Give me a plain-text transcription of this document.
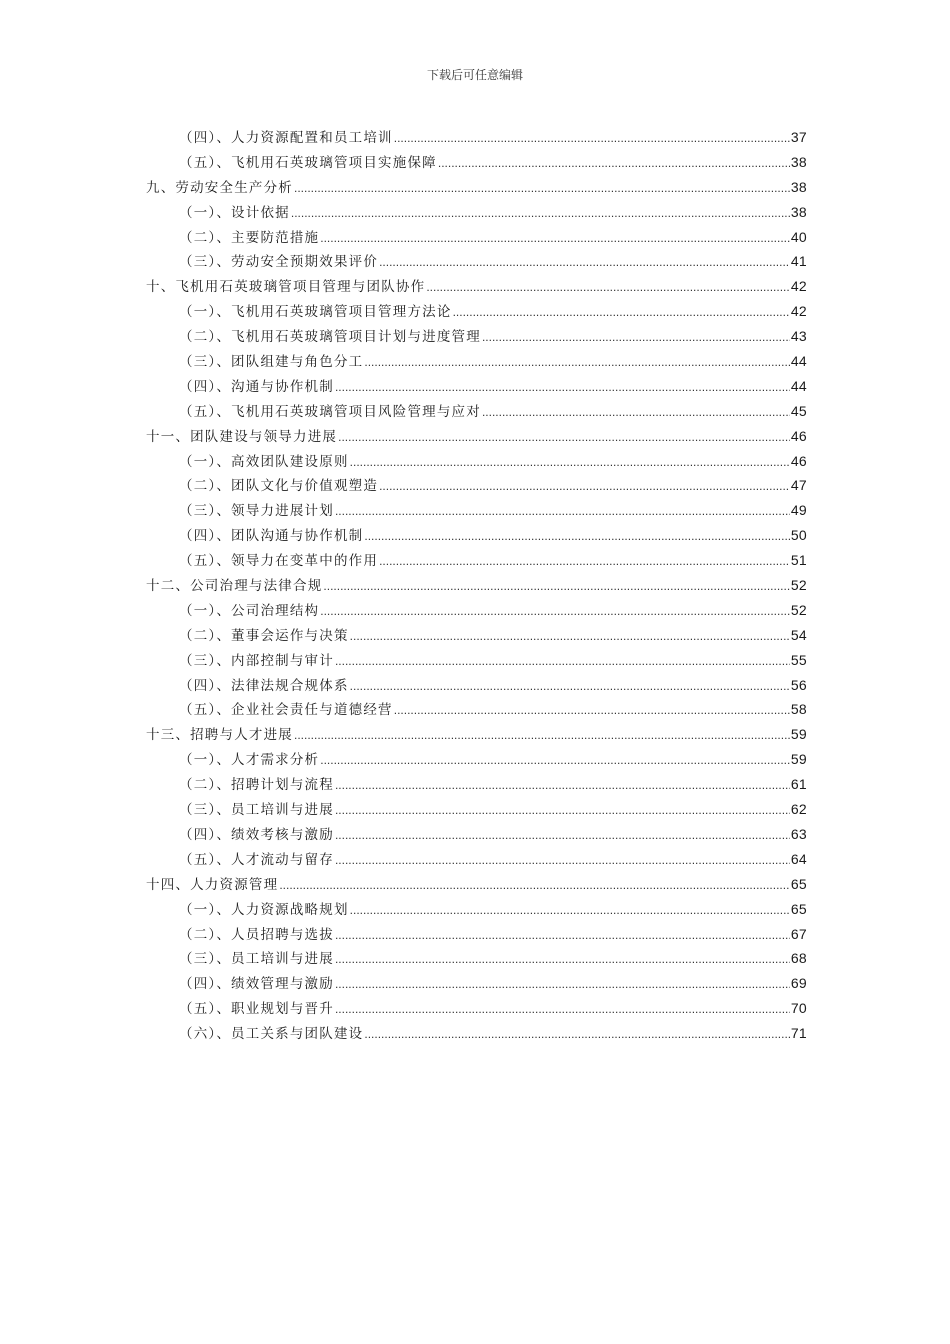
下载后可任意编辑
（四）、人力资源配置和员工培训 .....	37
（五）、飞机用石英玻璃管项目实施保障 .....	38
九、劳动安全生产分析 .....	38
（一）、设计依据 .....	38
（二）、主要防范措施 .....	40
（三）、劳动安全预期效果评价 .....	41
十、飞机用石英玻璃管项目管理与团队协作 .....	42
（一）、飞机用石英玻璃管项目管理方法论 .....	42
（二）、飞机用石英玻璃管项目计划与进度管理 .....	43
（三）、团队组建与角色分工 .....	44
（四）、沟通与协作机制 .....	44
（五）、飞机用石英玻璃管项目风险管理与应对 .....	45
十一、团队建设与领导力进展 .....	46
（一）、高效团队建设原则 .....	46
（二）、团队文化与价值观塑造 .....	47
（三）、领导力进展计划 .....	49
（四）、团队沟通与协作机制 .....	50
（五）、领导力在变革中的作用 .....	51
十二、公司治理与法律合规 .....	52
（一）、公司治理结构 .....	52
（二）、董事会运作与决策 .....	54
（三）、内部控制与审计 .....	55
（四）、法律法规合规体系 .....	56
（五）、企业社会责任与道德经营 .....	58
十三、招聘与人才进展 .....	59
（一）、人才需求分析 .....	59
（二）、招聘计划与流程 .....	61
（三）、员工培训与进展 .....	62
（四）、绩效考核与激励 .....	63
（五）、人才流动与留存 .....	64
十四、人力资源管理 .....	65
（一）、人力资源战略规划 .....	65
（二）、人员招聘与选拔 .....	67
（三）、员工培训与进展 .....	68
（四）、绩效管理与激励 .....	69
（五）、职业规划与晋升 .....	70
（六）、员工关系与团队建设 .....	71
